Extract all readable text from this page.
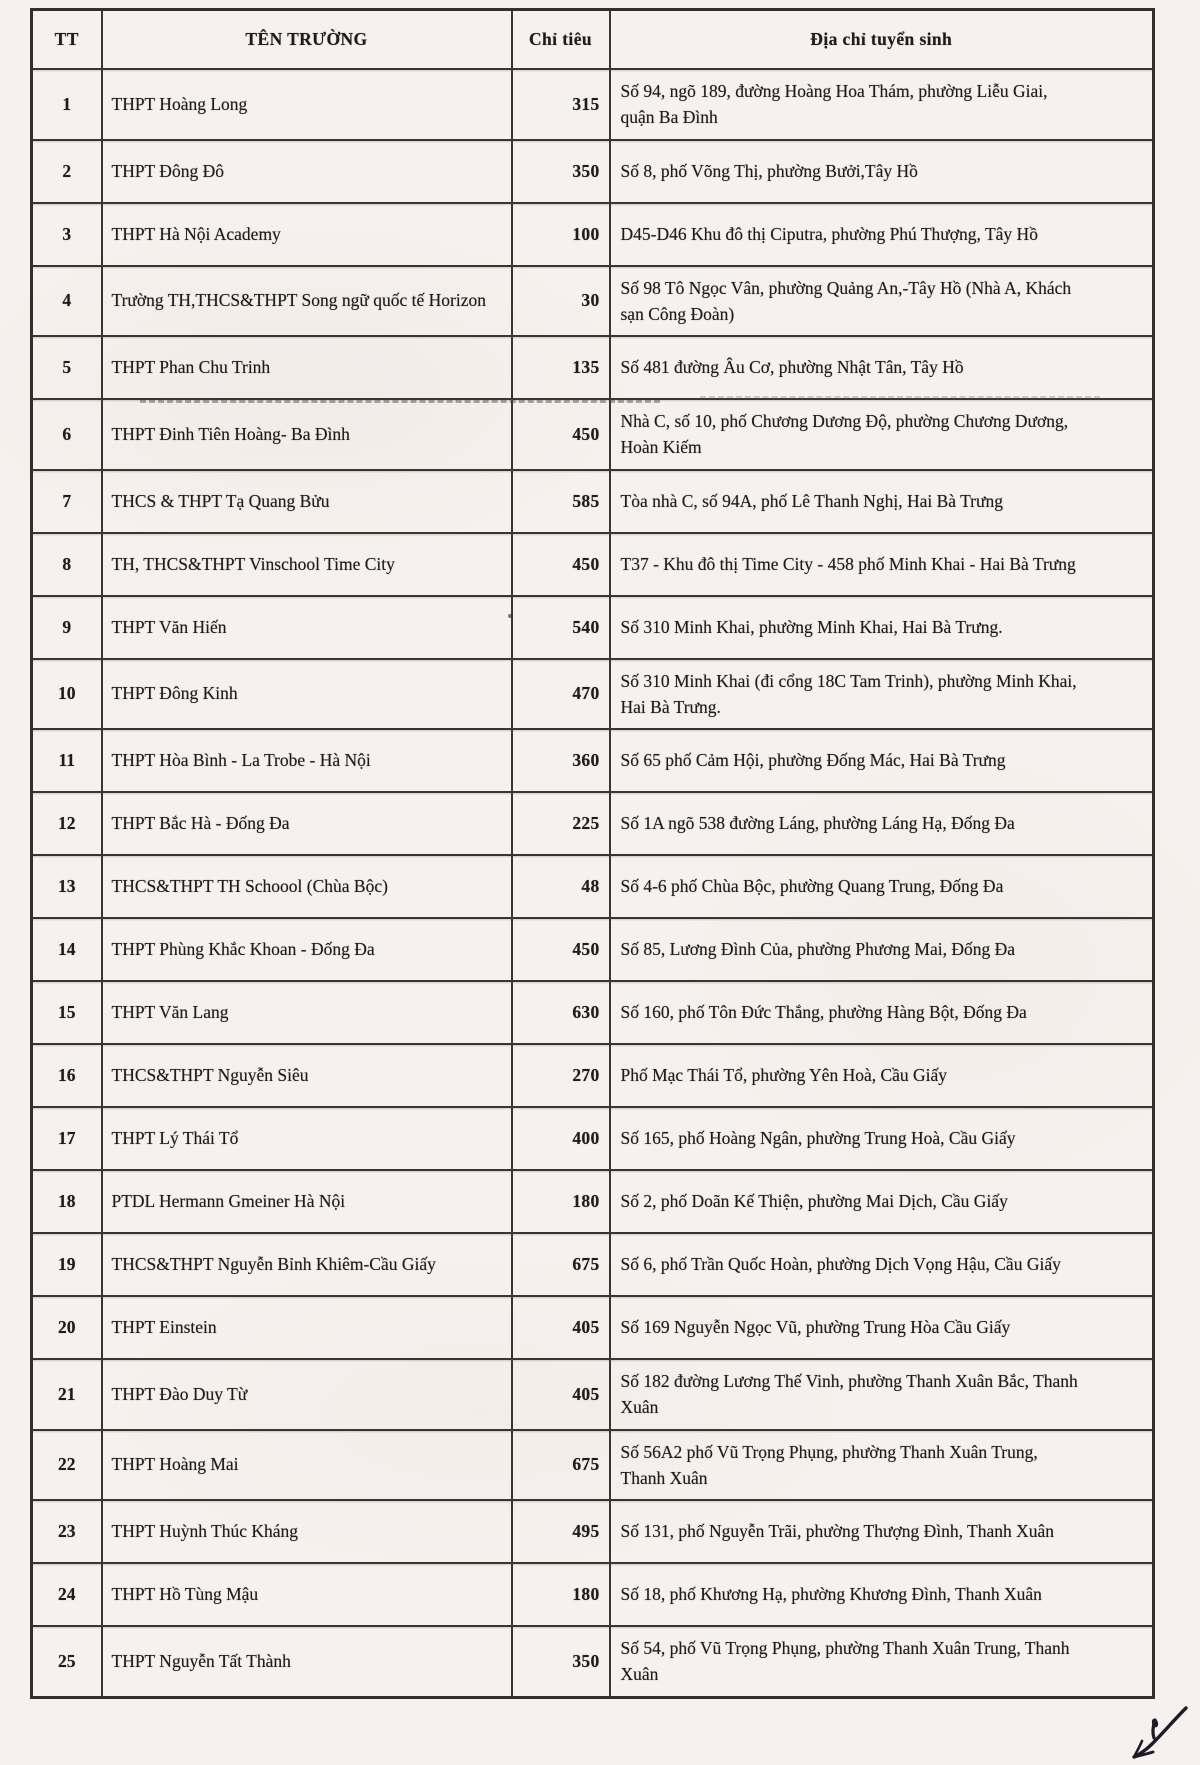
TT	TÊN TRƯỜNG	Chỉ tiêu	Địa chỉ tuyển sinh
1	THPT Hoàng Long	315	Số 94, ngõ 189, đường Hoàng Hoa Thám, phường Liễu Giai, quận Ba Đình
2	THPT Đông Đô	350	Số 8, phố Võng Thị, phường Bưởi,Tây Hồ
3	THPT Hà Nội Academy	100	D45-D46 Khu đô thị Ciputra, phường Phú Thượng, Tây Hồ
4	Trường TH,THCS&THPT Song ngữ quốc tế Horizon	30	Số 98 Tô Ngọc Vân, phường Quảng An,-Tây Hồ (Nhà A, Khách sạn Công Đoàn)
5	THPT Phan Chu Trinh	135	Số 481 đường Âu Cơ, phường Nhật Tân, Tây Hồ
6	THPT Đinh Tiên Hoàng- Ba Đình	450	Nhà C, số 10, phố Chương Dương Độ, phường Chương Dương, Hoàn Kiếm
7	THCS & THPT Tạ Quang Bửu	585	Tòa nhà C, số 94A, phố Lê Thanh Nghị, Hai Bà Trưng
8	TH, THCS&THPT Vinschool Time City	450	T37 - Khu đô thị Time City - 458 phố Minh Khai - Hai Bà Trưng
9	THPT Văn Hiến	540	Số 310 Minh Khai, phường Minh Khai, Hai Bà Trưng.
10	THPT Đông Kinh	470	Số 310 Minh Khai (đi cổng 18C Tam Trinh), phường Minh Khai, Hai Bà Trưng.
11	THPT Hòa Bình - La Trobe - Hà Nội	360	Số 65 phố Cảm Hội, phường Đống Mác, Hai Bà Trưng
12	THPT Bắc Hà - Đống Đa	225	Số 1A ngõ 538 đường Láng, phường Láng Hạ, Đống Đa
13	THCS&THPT TH Schoool (Chùa Bộc)	48	Số 4-6 phố Chùa Bộc, phường Quang Trung, Đống Đa
14	THPT Phùng Khắc Khoan - Đống Đa	450	Số 85, Lương Đình Của, phường Phương Mai, Đống Đa
15	THPT Văn Lang	630	Số 160, phố Tôn Đức Thắng, phường Hàng Bột, Đống Đa
16	THCS&THPT Nguyễn Siêu	270	Phố Mạc Thái Tổ, phường Yên Hoà, Cầu Giấy
17	THPT Lý Thái Tổ	400	Số 165, phố Hoàng Ngân, phường Trung Hoà, Cầu Giấy
18	PTDL Hermann Gmeiner Hà Nội	180	Số 2, phố Doãn Kế Thiện, phường Mai Dịch, Cầu Giấy
19	THCS&THPT Nguyễn Bỉnh Khiêm-Cầu Giấy	675	Số 6, phố Trần Quốc Hoàn, phường Dịch Vọng Hậu, Cầu Giấy
20	THPT Einstein	405	Số 169 Nguyễn Ngọc Vũ, phường Trung Hòa Cầu Giấy
21	THPT Đào Duy Từ	405	Số 182 đường Lương Thế Vinh, phường Thanh Xuân Bắc, Thanh Xuân
22	THPT Hoàng Mai	675	Số 56A2 phố Vũ Trọng Phụng, phường Thanh Xuân Trung, Thanh Xuân
23	THPT Huỳnh Thúc Kháng	495	Số 131, phố Nguyễn Trãi, phường Thượng Đình, Thanh Xuân
24	THPT Hồ Tùng Mậu	180	Số 18, phố Khương Hạ, phường Khương Đình, Thanh Xuân
25	THPT Nguyễn Tất Thành	350	Số 54, phố Vũ Trọng Phụng, phường Thanh Xuân Trung, Thanh Xuân
